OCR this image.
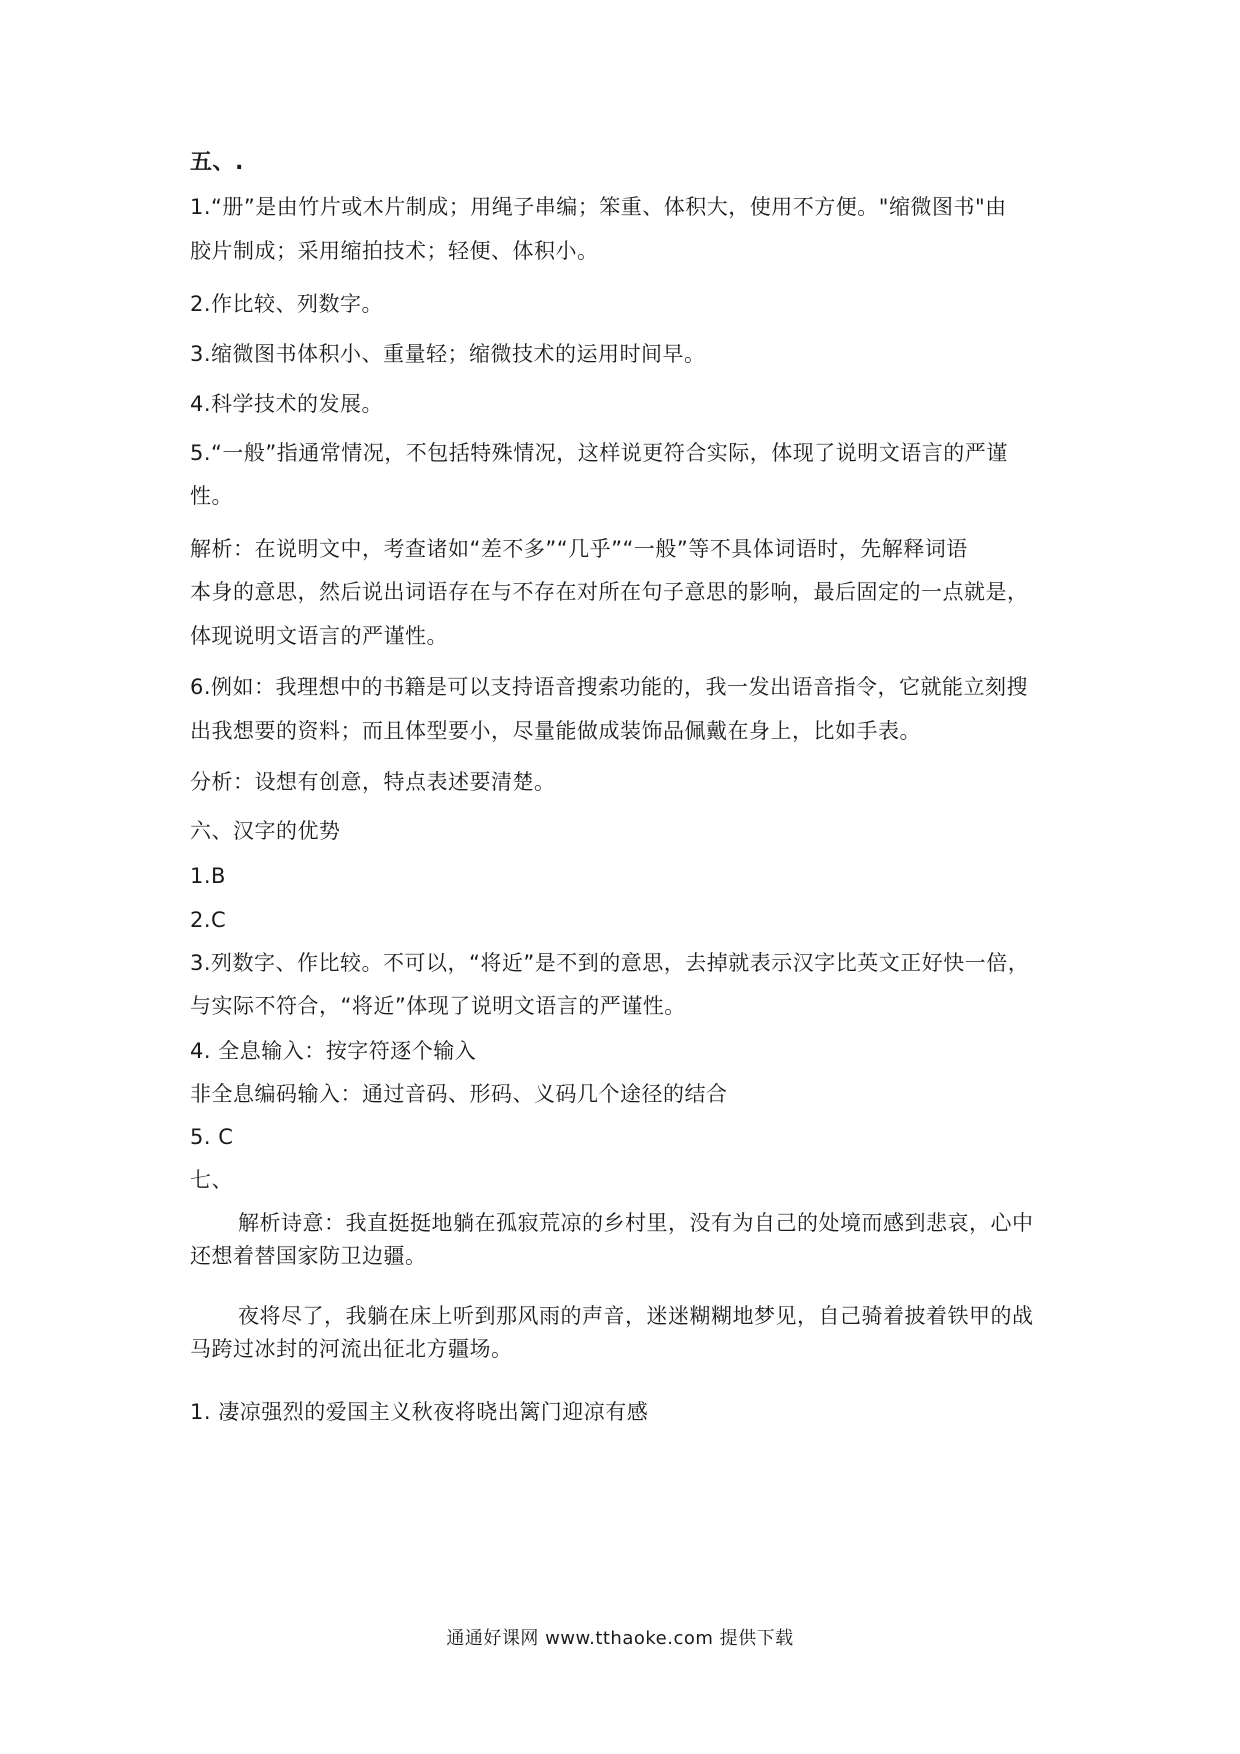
五、.
1.“册”是由竹片或木片制成；用绳子串编；笨重、体积大，使用不方便。"缩微图书"由
胶片制成；采用缩拍技术；轻便、体积小。
2.作比较、列数字。
3.缩微图书体积小、重量轻；缩微技术的运用时间早。
4.科学技术的发展。
5.“一般”指通常情况，不包括特殊情况，这样说更符合实际，体现了说明文语言的严谨
性。
解析：在说明文中，考查诸如“差不多”“几乎”“一般”等不具体词语时，先解释词语
本身的意思，然后说出词语存在与不存在对所在句子意思的影响，最后固定的一点就是，
体现说明文语言的严谨性。
6.例如：我理想中的书籍是可以支持语音搜索功能的，我一发出语音指令，它就能立刻搜
出我想要的资料；而且体型要小，尽量能做成装饰品佩戴在身上，比如手表。
分析：设想有创意，特点表述要清楚。
六、汉字的优势
1.B
2.C
3.列数字、作比较。不可以，“将近”是不到的意思，去掉就表示汉字比英文正好快一倍，
与实际不符合，“将近”体现了说明文语言的严谨性。
4. 全息输入：按字符逐个输入
非全息编码输入：通过音码、形码、义码几个途径的结合
5. C
七、
解析诗意：我直挺挺地躺在孤寂荒凉的乡村里，没有为自己的处境而感到悲哀，心中
还想着替国家防卫边疆。
夜将尽了，我躺在床上听到那风雨的声音，迷迷糊糊地梦见，自己骑着披着铁甲的战
马跨过冰封的河流出征北方疆场。
1. 凄凉强烈的爱国主义秋夜将晓出篱门迎凉有感
通通好课网 www.tthaoke.com 提供下载
